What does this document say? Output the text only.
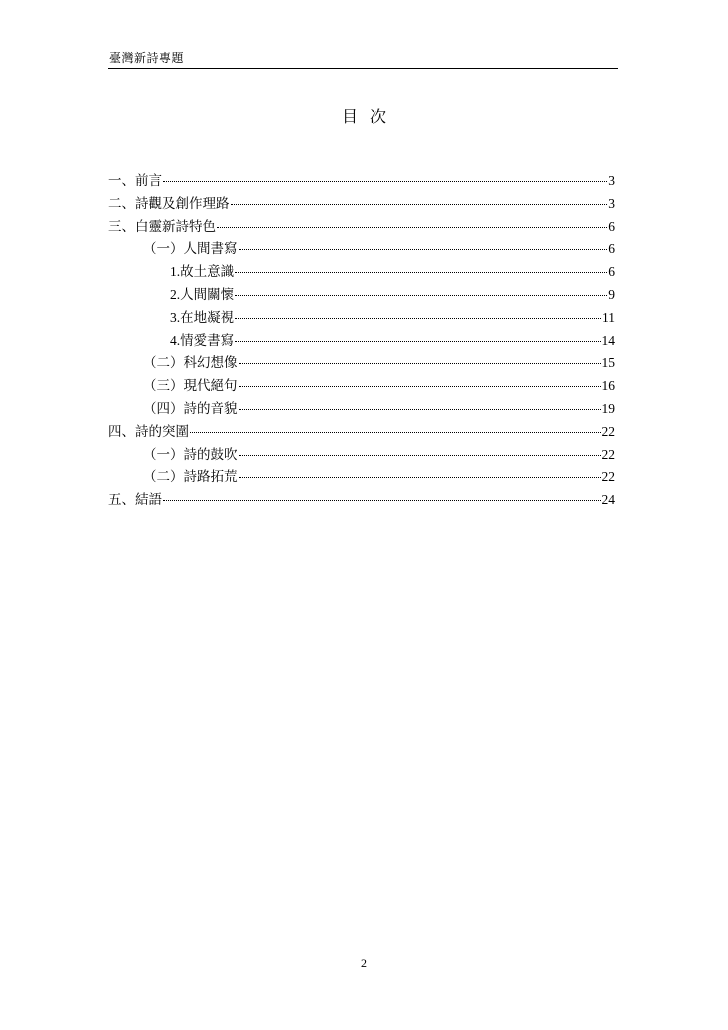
臺灣新詩專題
目次
一、前言	3
二、詩觀及創作理路	3
三、白靈新詩特色	6
（一）人間書寫	6
1.故土意識	6
2.人間關懷	9
3.在地凝視	11
4.情愛書寫	14
（二）科幻想像	15
（三）現代絕句	16
（四）詩的音貌	19
四、詩的突圍	22
（一）詩的鼓吹	22
（二）詩路拓荒	22
五、結語	24
2
